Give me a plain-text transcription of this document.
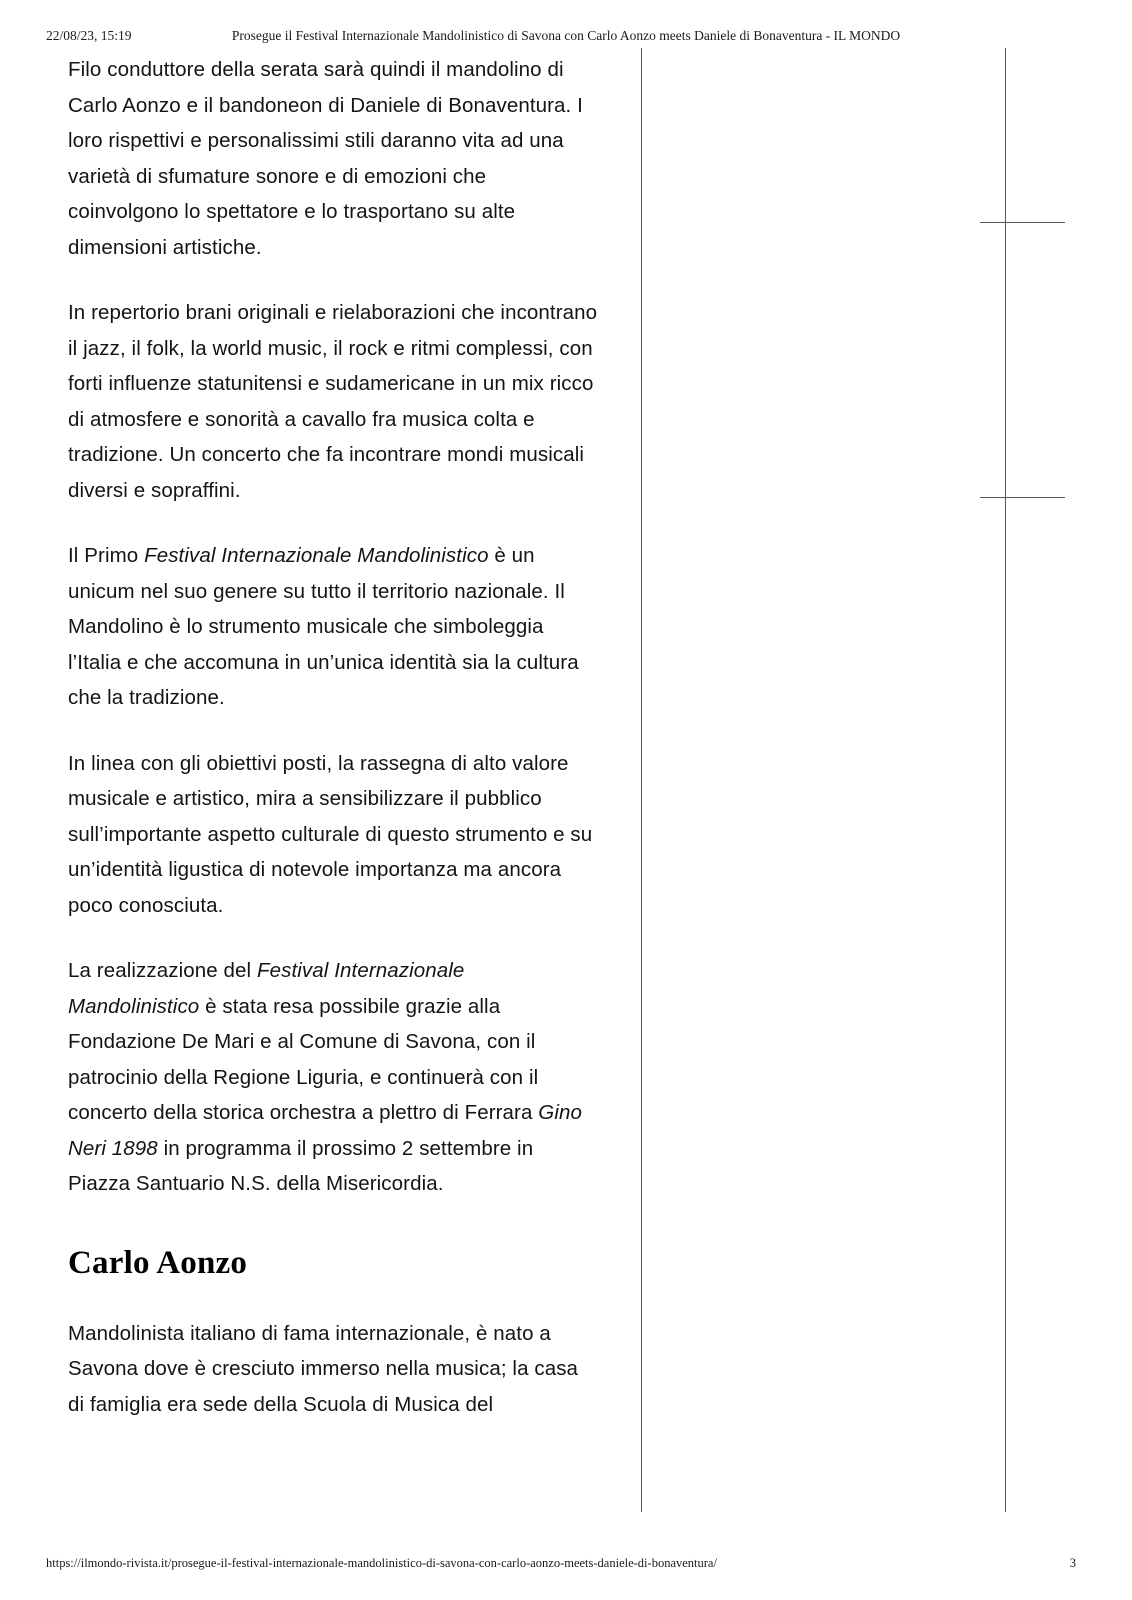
22/08/23, 15:19	Prosegue il Festival Internazionale Mandolinistico di Savona con Carlo Aonzo meets Daniele di Bonaventura - IL MONDO

Filo conduttore della serata sarà quindi il mandolino di Carlo Aonzo e il bandoneon di Daniele di Bonaventura. I loro rispettivi e personalissimi stili daranno vita ad una varietà di sfumature sonore e di emozioni che coinvolgono lo spettatore e lo trasportano su alte dimensioni artistiche.

In repertorio brani originali e rielaborazioni che incontrano il jazz, il folk, la world music, il rock e ritmi complessi, con forti influenze statunitensi e sudamericane in un mix ricco di atmosfere e sonorità a cavallo fra musica colta e tradizione. Un concerto che fa incontrare mondi musicali diversi e sopraffini.

Il Primo Festival Internazionale Mandolinistico è un unicum nel suo genere su tutto il territorio nazionale. Il Mandolino è lo strumento musicale che simboleggia l’Italia e che accomuna in un’unica identità sia la cultura che la tradizione.

In linea con gli obiettivi posti, la rassegna di alto valore musicale e artistico, mira a sensibilizzare il pubblico sull’importante aspetto culturale di questo strumento e su un’identità ligustica di notevole importanza ma ancora poco conosciuta.

La realizzazione del Festival Internazionale Mandolinistico è stata resa possibile grazie alla Fondazione De Mari e al Comune di Savona, con il patrocinio della Regione Liguria, e continuerà con il concerto della storica orchestra a plettro di Ferrara Gino Neri 1898 in programma il prossimo 2 settembre in Piazza Santuario N.S. della Misericordia.

Carlo Aonzo

Mandolinista italiano di fama internazionale, è nato a Savona dove è cresciuto immerso nella musica; la casa di famiglia era sede della Scuola di Musica del

https://ilmondo-rivista.it/prosegue-il-festival-internazionale-mandolinistico-di-savona-con-carlo-aonzo-meets-daniele-di-bonaventura/	3
